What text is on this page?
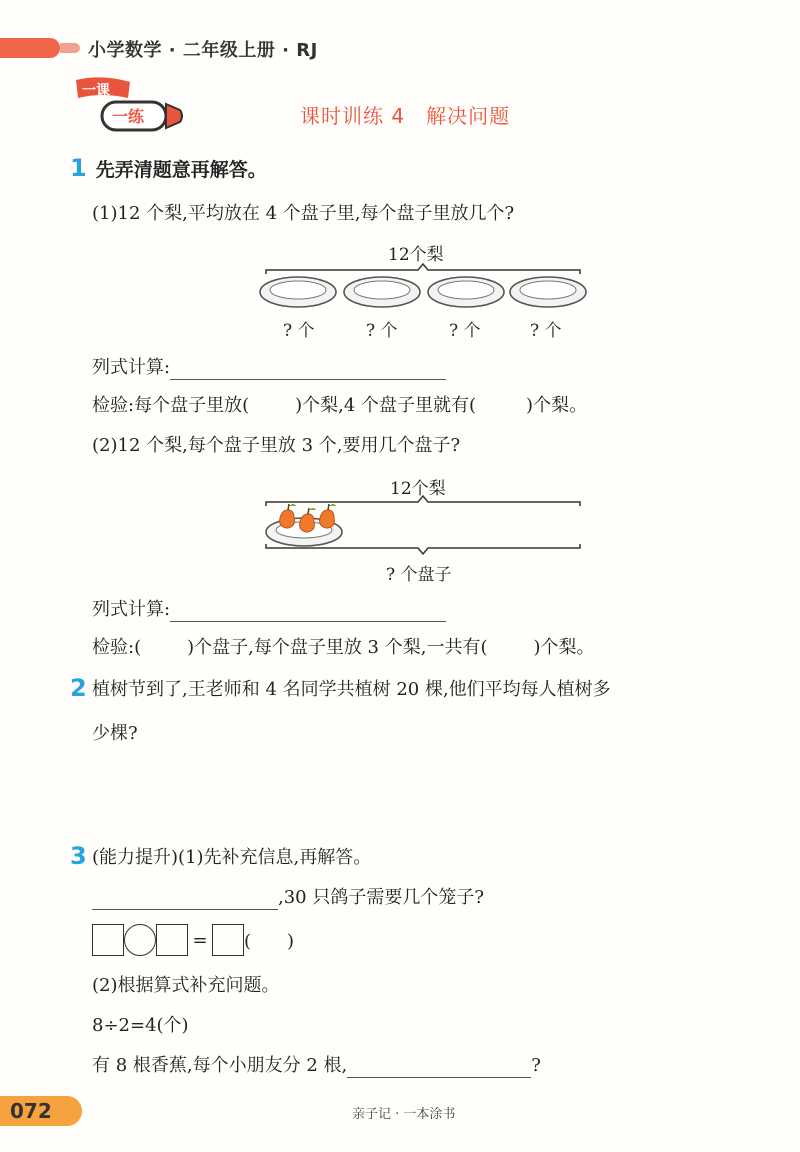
小学数学 · 二年级上册 · RJ
一课
一练	课时训练 4　解决问题
1 先弄清题意再解答。
(1)12 个梨,平均放在 4 个盘子里,每个盘子里放几个?
12个梨
? 个	? 个	? 个	? 个
列式计算:
检验:每个盘子里放(	)个梨,4 个盘子里就有(	)个梨。
(2)12 个梨,每个盘子里放 3 个,要用几个盘子?
12个梨
? 个盘子
列式计算:
检验:(	)个盘子,每个盘子里放 3 个梨,一共有(	)个梨。
2 植树节到了,王老师和 4 名同学共植树 20 棵,他们平均每人植树多
少棵?
3 (能力提升)(1)先补充信息,再解答。
,30 只鸽子需要几个笼子?
= (　　)
(2)根据算式补充问题。
8÷2=4(个)
有 8 根香蕉,每个小朋友分 2 根,	?
072	亲子记 · 一本涂书
